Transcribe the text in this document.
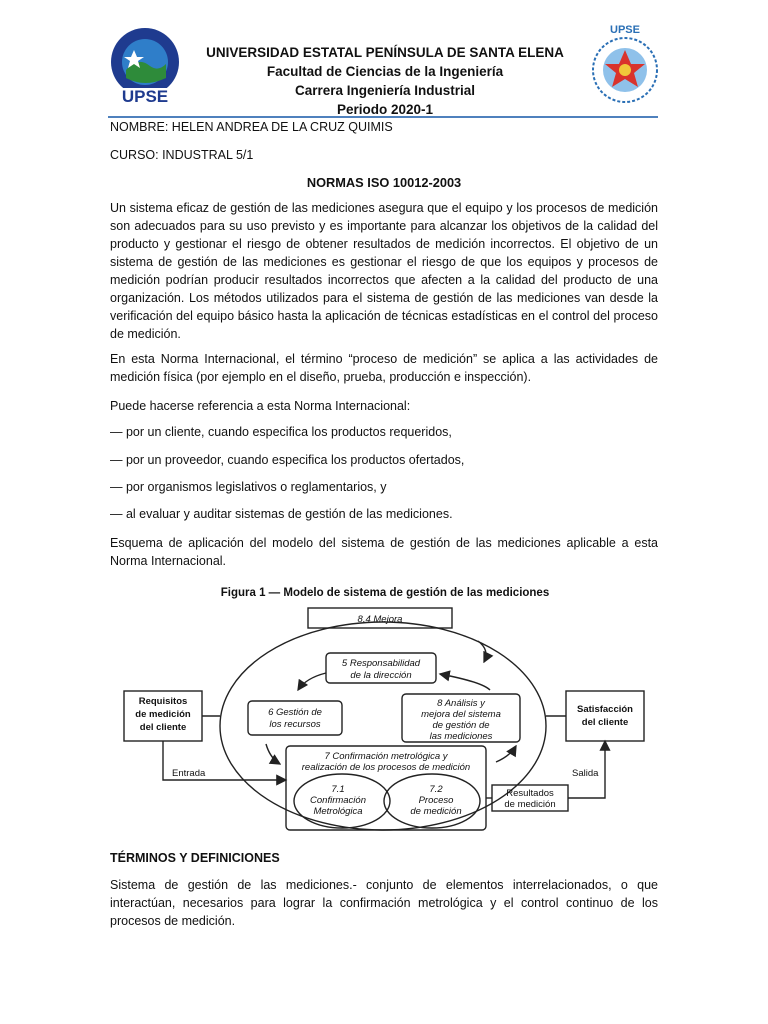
UPSE
UNIVERSIDAD ESTATAL PENÍNSULA DE SANTA ELENA
Facultad de Ciencias de la Ingeniería
Carrera Ingeniería Industrial
Periodo 2020-1
UPSE
NOMBRE: HELEN ANDREA DE LA CRUZ QUIMIS
CURSO: INDUSTRAL 5/1
NORMAS ISO 10012-2003
Un sistema eficaz de gestión de las mediciones asegura que el equipo y los procesos de medición son adecuados para su uso previsto y es importante para alcanzar los objetivos de la calidad del producto y gestionar el riesgo de obtener resultados de medición incorrectos. El objetivo de un sistema de gestión de las mediciones es gestionar el riesgo de que los equipos y procesos de medición podrían producir resultados incorrectos que afecten a la calidad del producto de una organización. Los métodos utilizados para el sistema de gestión de las mediciones van desde la verificación del equipo básico hasta la aplicación de técnicas estadísticas en el control del proceso de medición.
En esta Norma Internacional, el término “proceso de medición” se aplica a las actividades de medición física (por ejemplo en el diseño, prueba, producción e inspección).
Puede hacerse referencia a esta Norma Internacional:
— por un cliente, cuando especifica los productos requeridos,
— por un proveedor, cuando especifica los productos ofertados,
— por organismos legislativos o reglamentarios, y
— al evaluar y auditar sistemas de gestión de las mediciones.
Esquema de aplicación del modelo del sistema de gestión de las mediciones aplicable a esta Norma Internacional.
Figura 1 — Modelo de sistema de gestión de las mediciones
8.4 Mejora
5 Responsabilidad
de la dirección
6 Gestión de
los recursos
8 Análisis y
mejora del sistema
de gestión de
las mediciones
Requisitos
de medición
del cliente
Satisfacción
del cliente
7 Confirmación metrológica y
realización de los procesos de medición
7.1
Confirmación
Metrológica
7.2
Proceso
de medición
Resultados
de medición
Entrada	Salida
TÉRMINOS Y DEFINICIONES
Sistema de gestión de las mediciones.- conjunto de elementos interrelacionados, o que interactúan, necesarios para lograr la confirmación metrológica y el control continuo de los procesos de medición.
